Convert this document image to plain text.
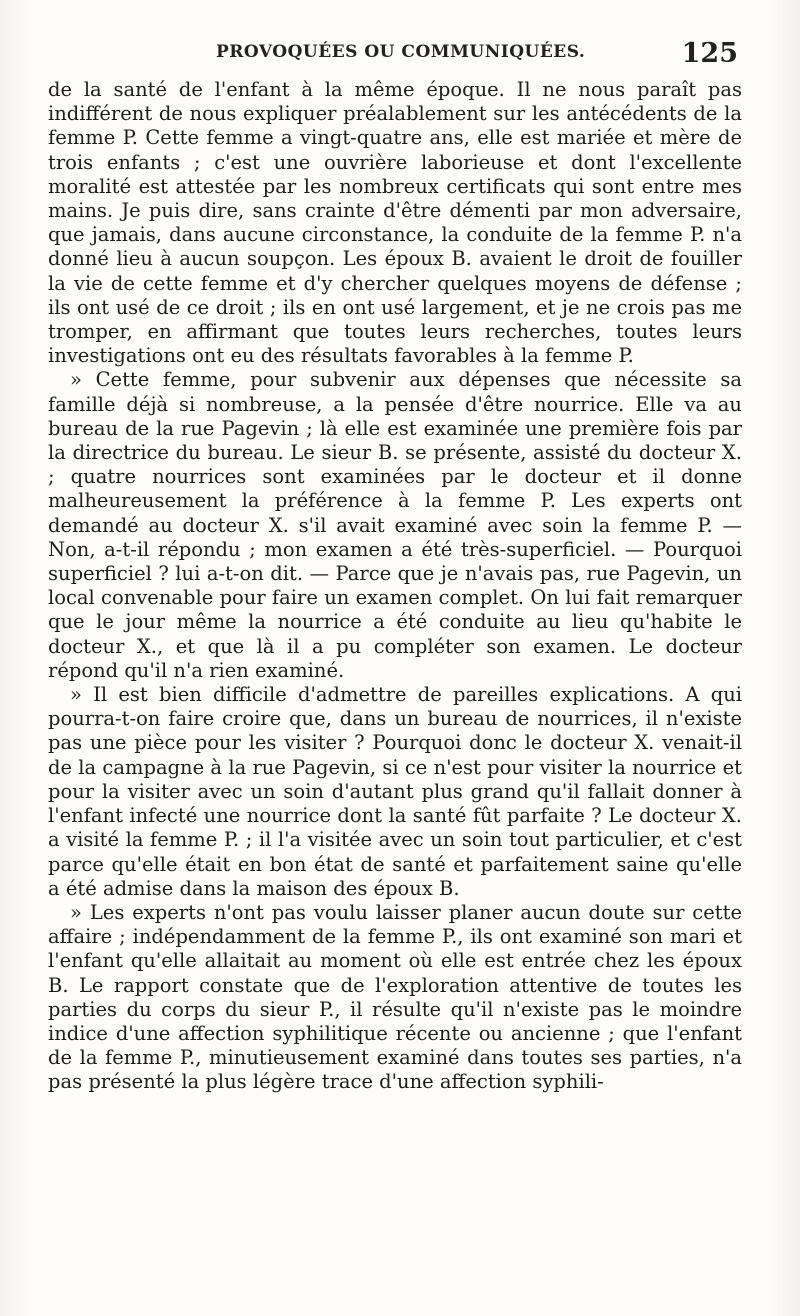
PROVOQUÉES OU COMMUNIQUÉES.	125

de la santé de l'enfant à la même époque. Il ne nous paraît pas indifférent de nous expliquer préalablement sur les antécédents de la femme P. Cette femme a vingt-quatre ans, elle est mariée et mère de trois enfants ; c'est une ouvrière laborieuse et dont l'excellente moralité est attestée par les nombreux certificats qui sont entre mes mains. Je puis dire, sans crainte d'être démenti par mon adversaire, que jamais, dans aucune circonstance, la conduite de la femme P. n'a donné lieu à aucun soupçon. Les époux B. avaient le droit de fouiller la vie de cette femme et d'y chercher quelques moyens de défense ; ils ont usé de ce droit ; ils en ont usé largement, et je ne crois pas me tromper, en affirmant que toutes leurs recherches, toutes leurs investigations ont eu des résultats favorables à la femme P.

» Cette femme, pour subvenir aux dépenses que nécessite sa famille déjà si nombreuse, a la pensée d'être nourrice. Elle va au bureau de la rue Pagevin ; là elle est examinée une première fois par la directrice du bureau. Le sieur B. se présente, assisté du docteur X. ; quatre nourrices sont examinées par le docteur et il donne malheureusement la préférence à la femme P. Les experts ont demandé au docteur X. s'il avait examiné avec soin la femme P. — Non, a-t-il répondu ; mon examen a été très-superficiel. — Pourquoi superficiel ? lui a-t-on dit. — Parce que je n'avais pas, rue Pagevin, un local convenable pour faire un examen complet. On lui fait remarquer que le jour même la nourrice a été conduite au lieu qu'habite le docteur X., et que là il a pu compléter son examen. Le docteur répond qu'il n'a rien examiné.

» Il est bien difficile d'admettre de pareilles explications. A qui pourra-t-on faire croire que, dans un bureau de nourrices, il n'existe pas une pièce pour les visiter ? Pourquoi donc le docteur X. venait-il de la campagne à la rue Pagevin, si ce n'est pour visiter la nourrice et pour la visiter avec un soin d'autant plus grand qu'il fallait donner à l'enfant infecté une nourrice dont la santé fût parfaite ? Le docteur X. a visité la femme P. ; il l'a visitée avec un soin tout particulier, et c'est parce qu'elle était en bon état de santé et parfaitement saine qu'elle a été admise dans la maison des époux B.

» Les experts n'ont pas voulu laisser planer aucun doute sur cette affaire ; indépendamment de la femme P., ils ont examiné son mari et l'enfant qu'elle allaitait au moment où elle est entrée chez les époux B. Le rapport constate que de l'exploration attentive de toutes les parties du corps du sieur P., il résulte qu'il n'existe pas le moindre indice d'une affection syphilitique récente ou ancienne ; que l'enfant de la femme P., minutieusement examiné dans toutes ses parties, n'a pas présenté la plus légère trace d'une affection syphili-
